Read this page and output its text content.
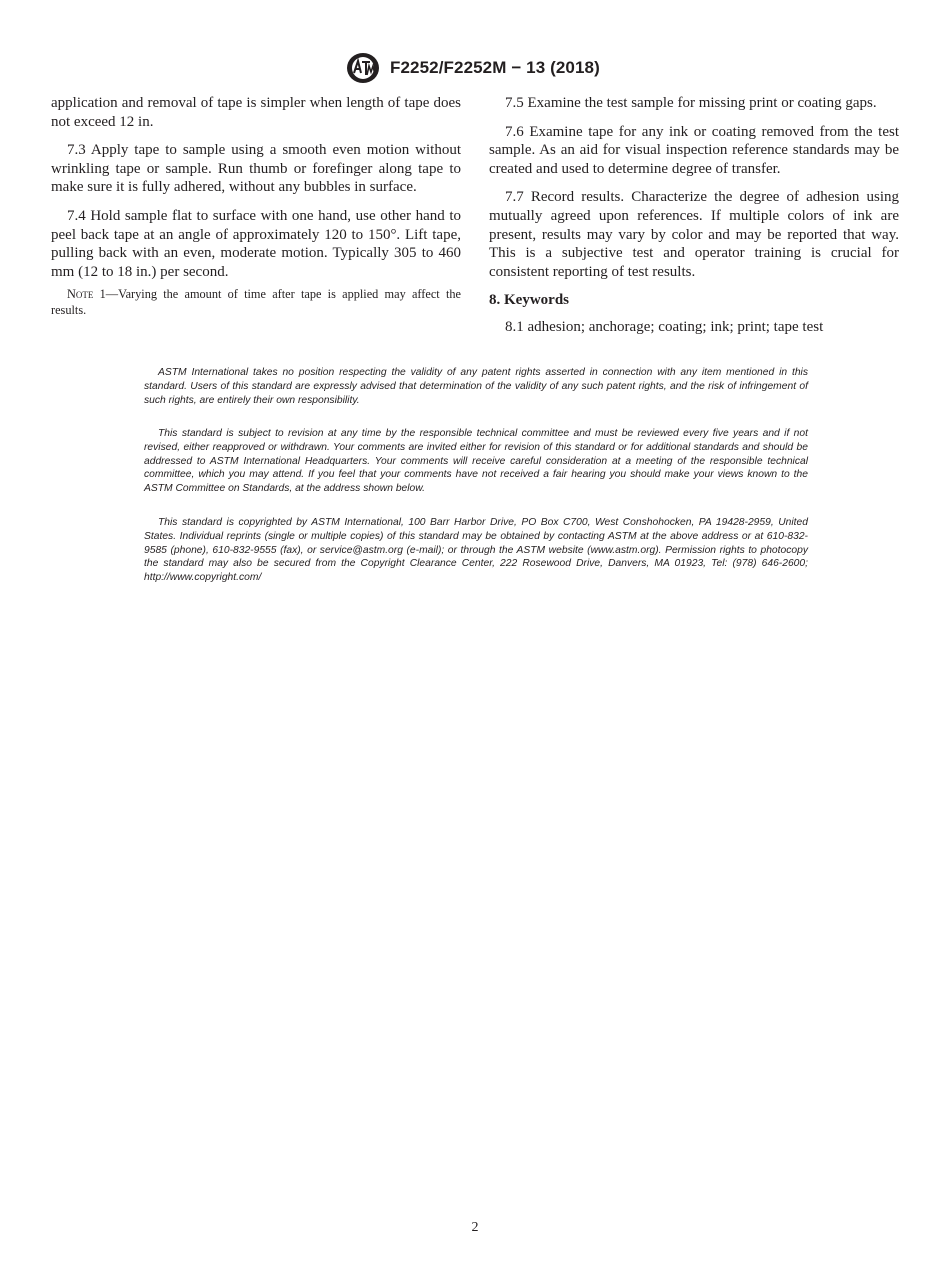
F2252/F2252M − 13 (2018)

application and removal of tape is simpler when length of tape does not exceed 12 in.

7.3 Apply tape to sample using a smooth even motion without wrinkling tape or sample. Run thumb or forefinger along tape to make sure it is fully adhered, without any bubbles in surface.

7.4 Hold sample flat to surface with one hand, use other hand to peel back tape at an angle of approximately 120 to 150°. Lift tape, pulling back with an even, moderate motion. Typically 305 to 460 mm (12 to 18 in.) per second.

Note 1—Varying the amount of time after tape is applied may affect the results.

7.5 Examine the test sample for missing print or coating gaps.

7.6 Examine tape for any ink or coating removed from the test sample. As an aid for visual inspection reference standards may be created and used to determine degree of transfer.

7.7 Record results. Characterize the degree of adhesion using mutually agreed upon references. If multiple colors of ink are present, results may vary by color and may be reported that way. This is a subjective test and operator training is crucial for consistent reporting of test results.

8. Keywords

8.1 adhesion; anchorage; coating; ink; print; tape test

ASTM International takes no position respecting the validity of any patent rights asserted in connection with any item mentioned in this standard. Users of this standard are expressly advised that determination of the validity of any such patent rights, and the risk of infringement of such rights, are entirely their own responsibility.

This standard is subject to revision at any time by the responsible technical committee and must be reviewed every five years and if not revised, either reapproved or withdrawn. Your comments are invited either for revision of this standard or for additional standards and should be addressed to ASTM International Headquarters. Your comments will receive careful consideration at a meeting of the responsible technical committee, which you may attend. If you feel that your comments have not received a fair hearing you should make your views known to the ASTM Committee on Standards, at the address shown below.

This standard is copyrighted by ASTM International, 100 Barr Harbor Drive, PO Box C700, West Conshohocken, PA 19428-2959, United States. Individual reprints (single or multiple copies) of this standard may be obtained by contacting ASTM at the above address or at 610-832-9585 (phone), 610-832-9555 (fax), or service@astm.org (e-mail); or through the ASTM website (www.astm.org). Permission rights to photocopy the standard may also be secured from the Copyright Clearance Center, 222 Rosewood Drive, Danvers, MA 01923, Tel: (978) 646-2600; http://www.copyright.com/

2
